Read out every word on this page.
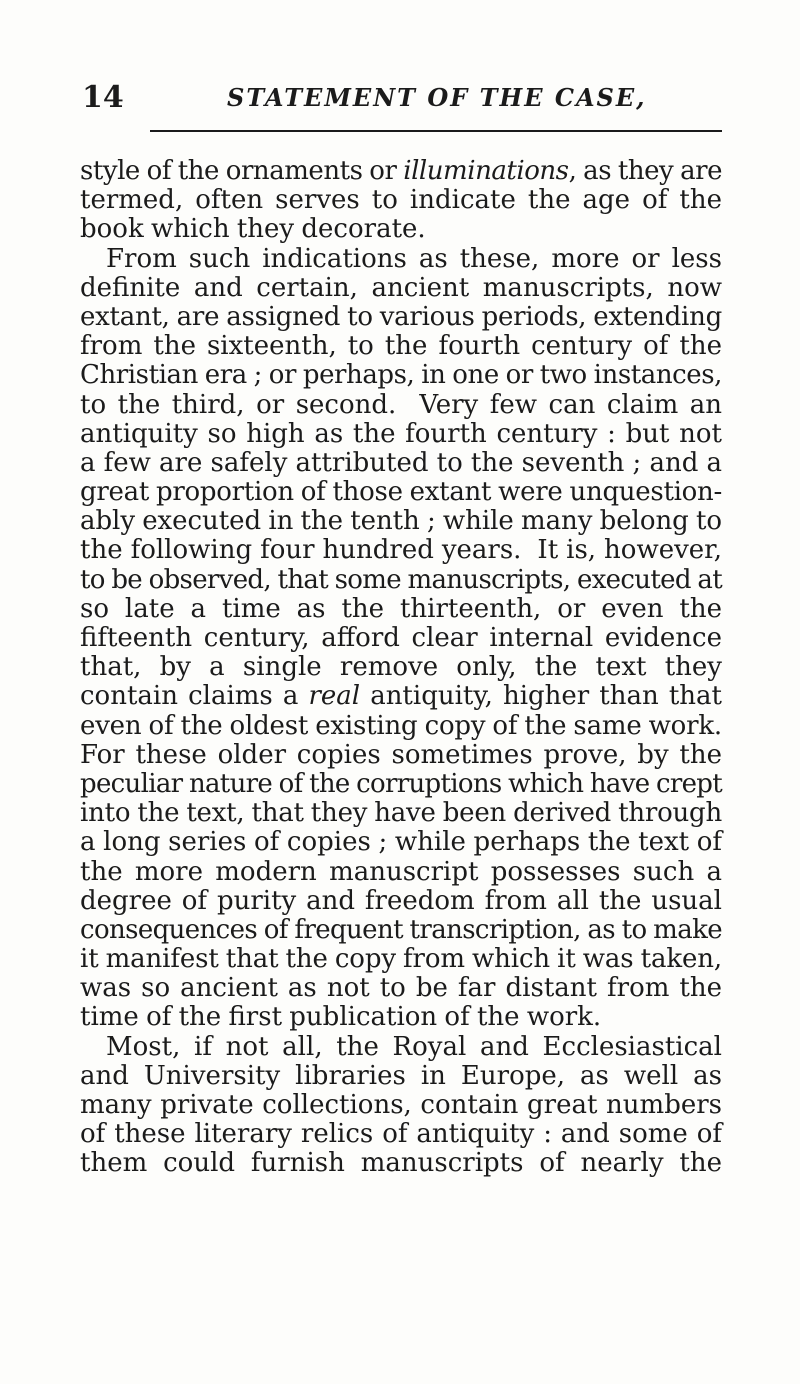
14	STATEMENT OF THE CASE,
style of the ornaments or illuminations, as they are
termed, often serves to indicate the age of the
book which they decorate.
From such indications as these, more or less
definite and certain, ancient manuscripts, now
extant, are assigned to various periods, extending
from the sixteenth, to the fourth century of the
Christian era ; or perhaps, in one or two instances,
to the third, or second.  Very few can claim an
antiquity so high as the fourth century : but not
a few are safely attributed to the seventh ; and a
great proportion of those extant were unquestion-
ably executed in the tenth ; while many belong to
the following four hundred years.  It is, however,
to be observed, that some manuscripts, executed at
so late a time as the thirteenth, or even the
fifteenth century, afford clear internal evidence
that, by a single remove only, the text they
contain claims a real antiquity, higher than that
even of the oldest existing copy of the same work.
For these older copies sometimes prove, by the
peculiar nature of the corruptions which have crept
into the text, that they have been derived through
a long series of copies ; while perhaps the text of
the more modern manuscript possesses such a
degree of purity and freedom from all the usual
consequences of frequent transcription, as to make
it manifest that the copy from which it was taken,
was so ancient as not to be far distant from the
time of the first publication of the work.
Most, if not all, the Royal and Ecclesiastical
and University libraries in Europe, as well as
many private collections, contain great numbers
of these literary relics of antiquity : and some of
them could furnish manuscripts of nearly the
